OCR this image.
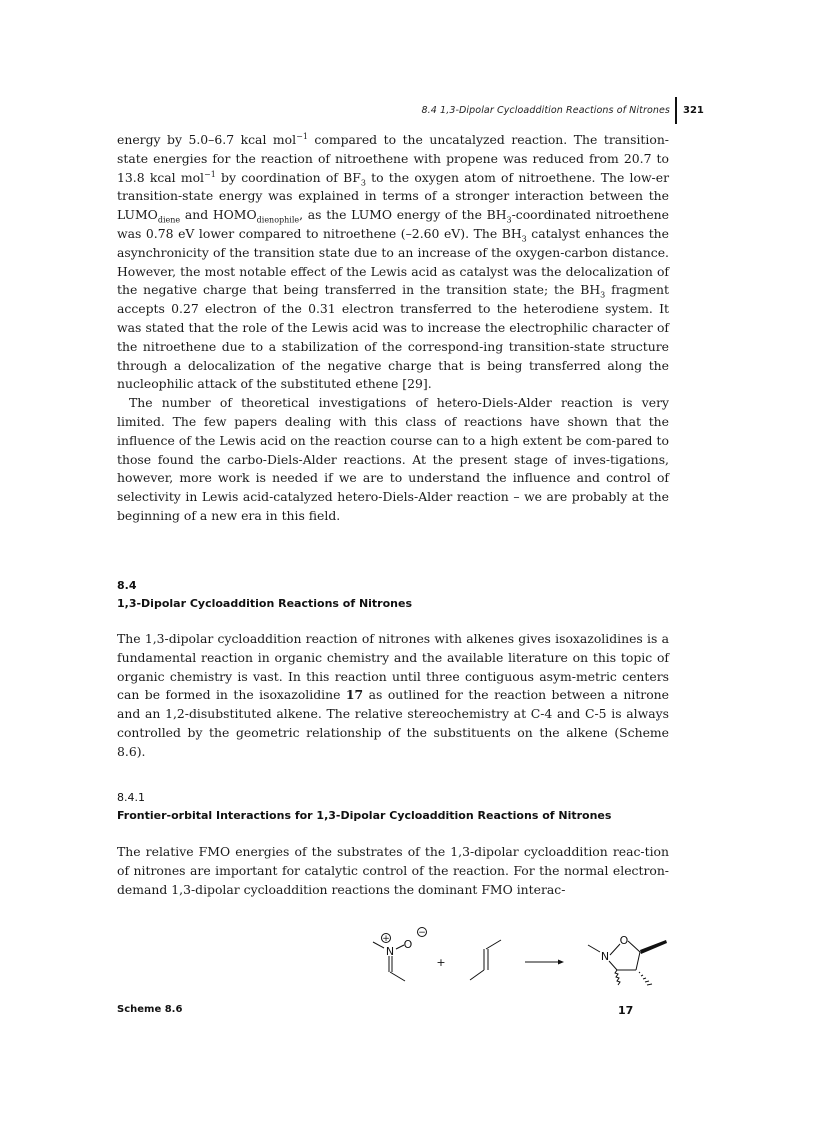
8.4 1,3-Dipolar Cycloaddition Reactions of Nitrones 321

energy by 5.0–6.7 kcal mol$^{-1}$ compared to the uncatalyzed reaction. The transition-state energies for the reaction of nitroethene with propene was reduced from 20.7 to 13.8 kcal mol$^{-1}$ by coordination of $BF_3$ to the oxygen atom of nitroethene. The low-er transition-state energy was explained in terms of a stronger interaction between the $LUMO_{diene}$ and $HOMO_{dienophile}$, as the LUMO energy of the $BH_3$-coordinated nitroethene was 0.78 eV lower compared to nitroethene (–2.60 eV). The $BH_3$ catalyst enhances the asynchronicity of the transition state due to an increase of the oxygen-carbon distance. However, the most notable effect of the Lewis acid as catalyst was the delocalization of the negative charge that being transferred in the transition state; the $BH_3$ fragment accepts 0.27 electron of the 0.31 electron transferred to the heterodiene system. It was stated that the role of the Lewis acid was to increase the electrophilic character of the nitroethene due to a stabilization of the correspond-ing transition-state structure through a delocalization of the negative charge that is being transferred along the nucleophilic attack of the substituted ethene [29].

The number of theoretical investigations of hetero-Diels-Alder reaction is very limited. The few papers dealing with this class of reactions have shown that the influence of the Lewis acid on the reaction course can to a high extent be com-pared to those found the carbo-Diels-Alder reactions. At the present stage of inves-tigations, however, more work is needed if we are to understand the influence and control of selectivity in Lewis acid-catalyzed hetero-Diels-Alder reaction – we are probably at the beginning of a new era in this field.

8.4
1,3-Dipolar Cycloaddition Reactions of Nitrones

The 1,3-dipolar cycloaddition reaction of nitrones with alkenes gives isoxazolidines is a fundamental reaction in organic chemistry and the available literature on this topic of organic chemistry is vast. In this reaction until three contiguous asym-metric centers can be formed in the isoxazolidine 17 as outlined for the reaction between a nitrone and an 1,2-disubstituted alkene. The relative stereochemistry at C-4 and C-5 is always controlled by the geometric relationship of the substituents on the alkene (Scheme 8.6).

8.4.1
Frontier-orbital Interactions for 1,3-Dipolar Cycloaddition Reactions of Nitrones

The relative FMO energies of the substrates of the 1,3-dipolar cycloaddition reac-tion of nitrones are important for catalytic control of the reaction. For the normal electron-demand 1,3-dipolar cycloaddition reactions the dominant FMO interac-

+
−
N
O
+	N
O
Scheme 8.6	17
